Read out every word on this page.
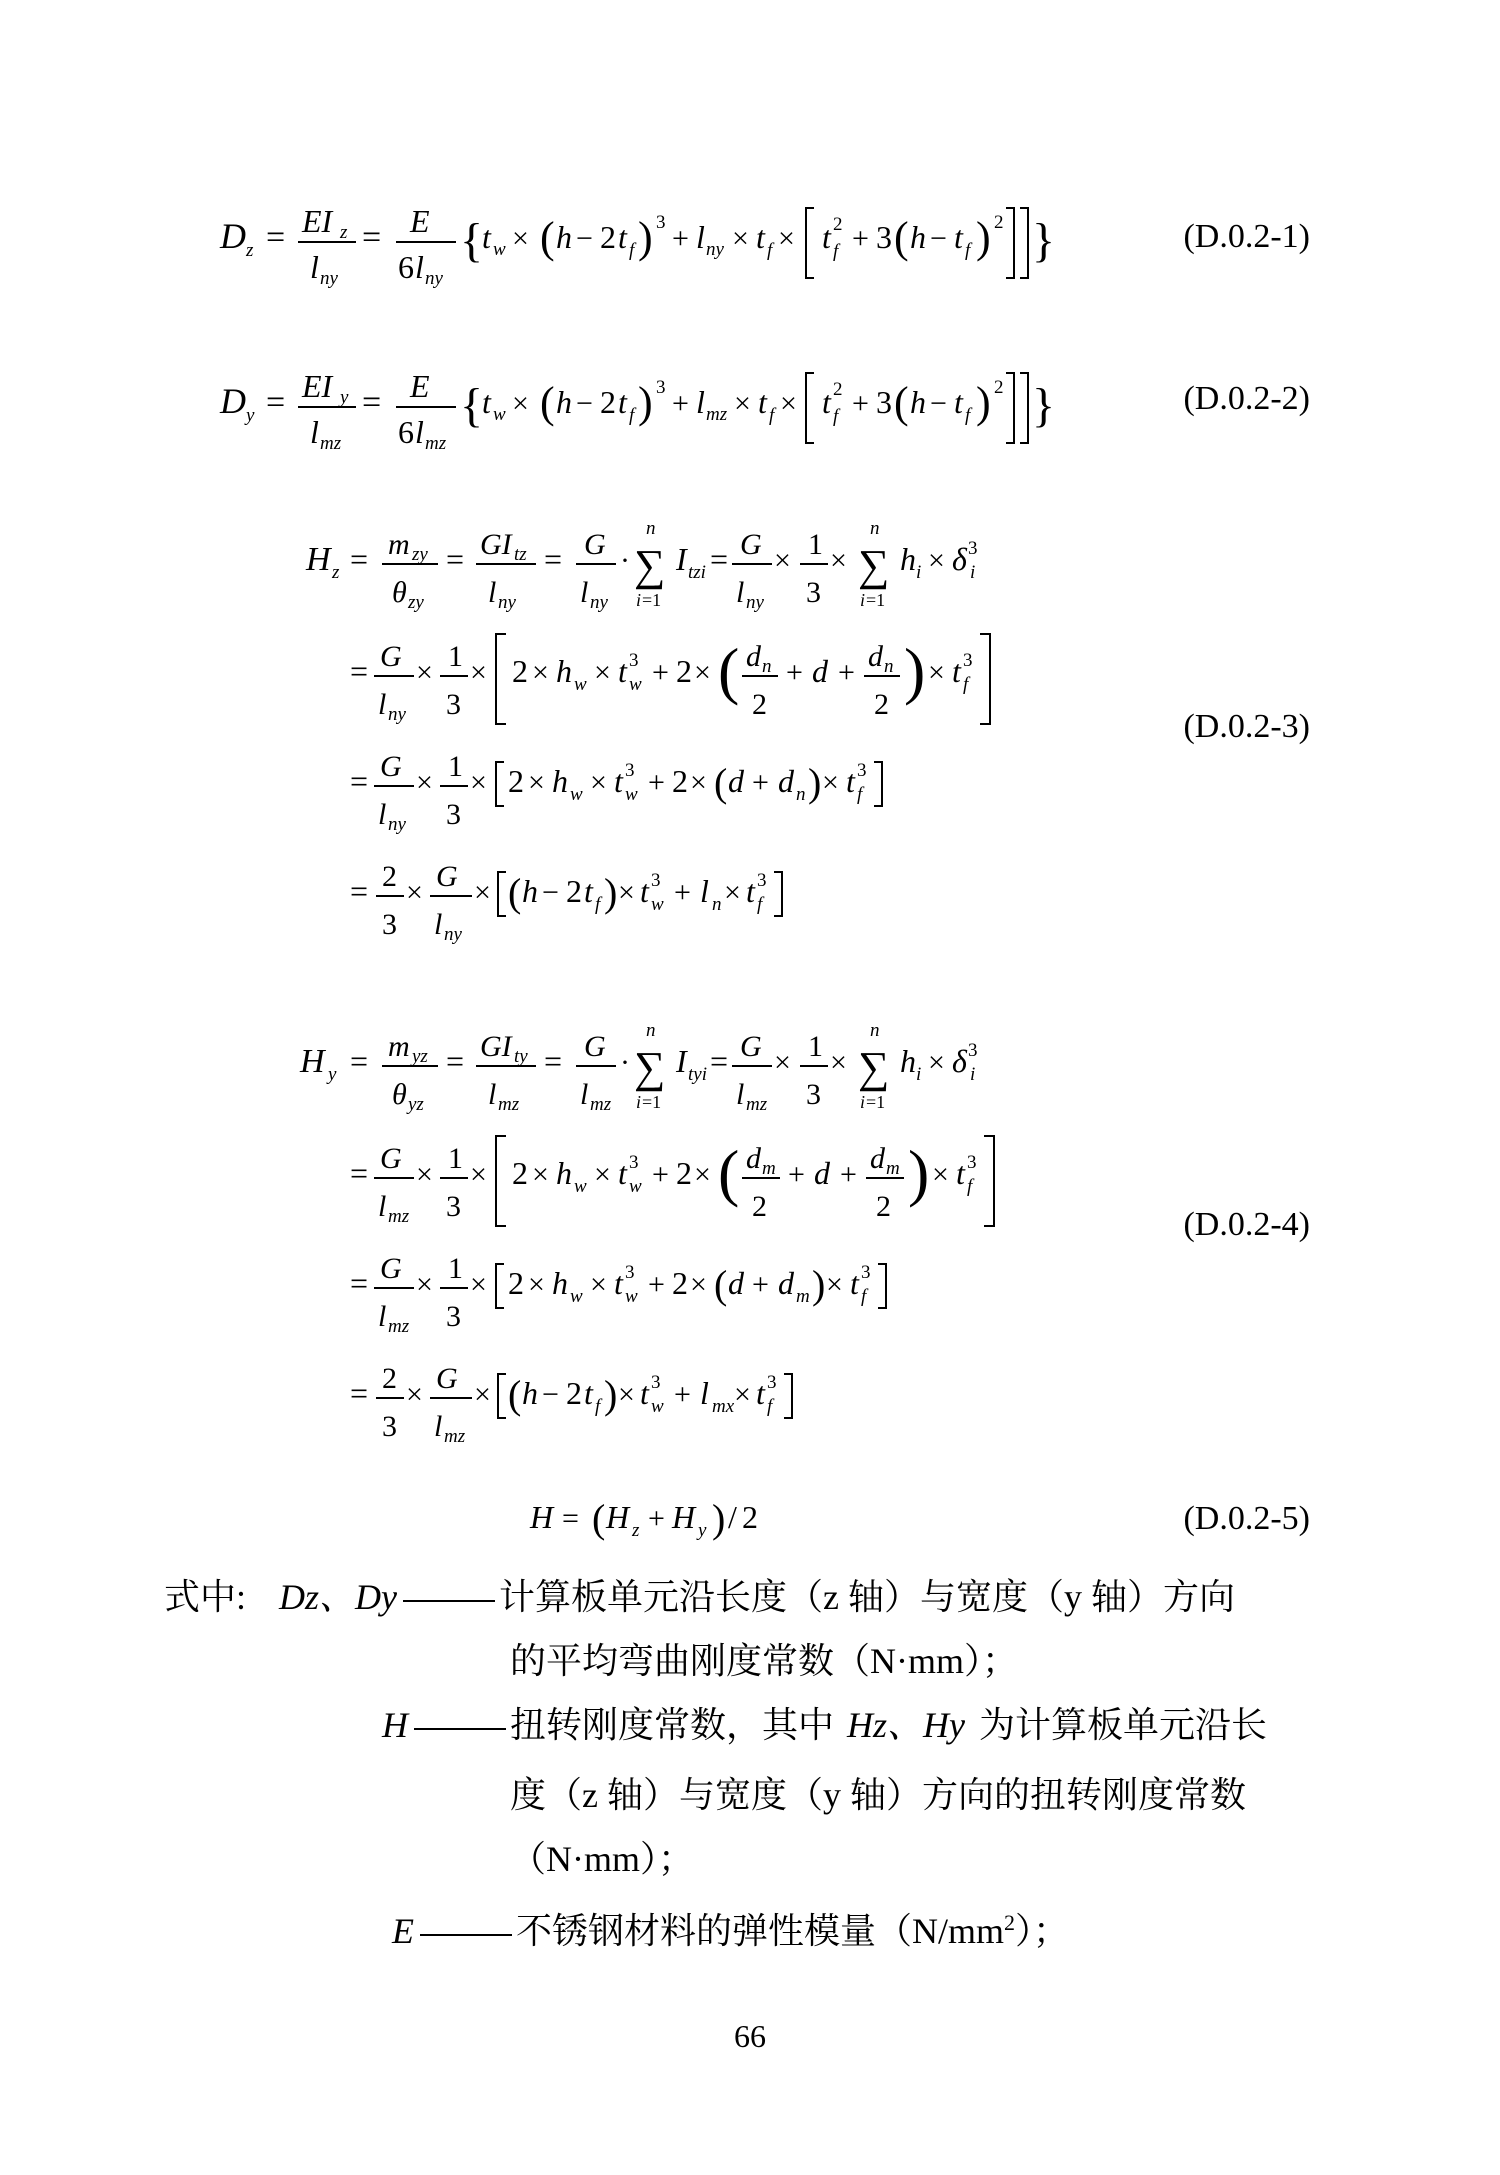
D z = EI z
l ny
= E
6 l ny
{
t w × ( h − 2 t f ) 3 + l ny × t f × t 2
f + 3 ( h − t f ) 2 }	(D.0.2-1)
D y = EI y
l mz
= E
6 l mz
{
t w × ( h − 2 t f ) 3 + l mz × t f × t 2
f + 3 ( h − t f ) 2 }	(D.0.2-2)
H z = m zy
θ zy
= GI tz
l ny
= G
l ny
·
n
∑
i =1
I tzi = G
l ny
× 1
3
×
n
∑
i =1
h i × δ 3
i
= G
l ny
× 1
3
× 2 × h w × t 3
w + 2 × ( d n
2
+ d + d n
2 ) × t 3
f
= G
l ny
× 1
3
× 2 × h w × t 3
w + 2 × ( d + d n ) × t 3
f
= 2
3
× G
l ny
× ( h − 2 t f ) × t 3
w + l n × t 3
f
(D.0.2-3)
H y = m yz
θ yz
= GI ty
l mz
= G
l mz
·
n
∑
i =1
I tyi = G
l mz
× 1
3
×
n
∑
i =1
h i × δ 3
i
= G
l mz
× 1
3
× 2 × h w × t 3
w + 2 × ( d m
2
+ d + d m
2 ) × t 3
f
= G
l mz
× 1
3
× 2 × h w × t 3
w + 2 × ( d + d m ) × t 3
f
= 2
3
× G
l mz
× ( h − 2 t f ) × t 3
w + l mx × t 3
f
(D.0.2-4)
H = ( H z + H y ) / 2	(D.0.2-5)
式中: Dz、Dy	计算板单元沿长度（z 轴）与宽度（y 轴）方向
的平均弯曲刚度常数（N·mm）；
H	扭转刚度常数，其中 Hz、Hy 为计算板单元沿长
度（z 轴）与宽度（y 轴）方向的扭转刚度常数
（N·mm）；
E	不锈钢材料的弹性模量$(N/mm^2)$；
66
